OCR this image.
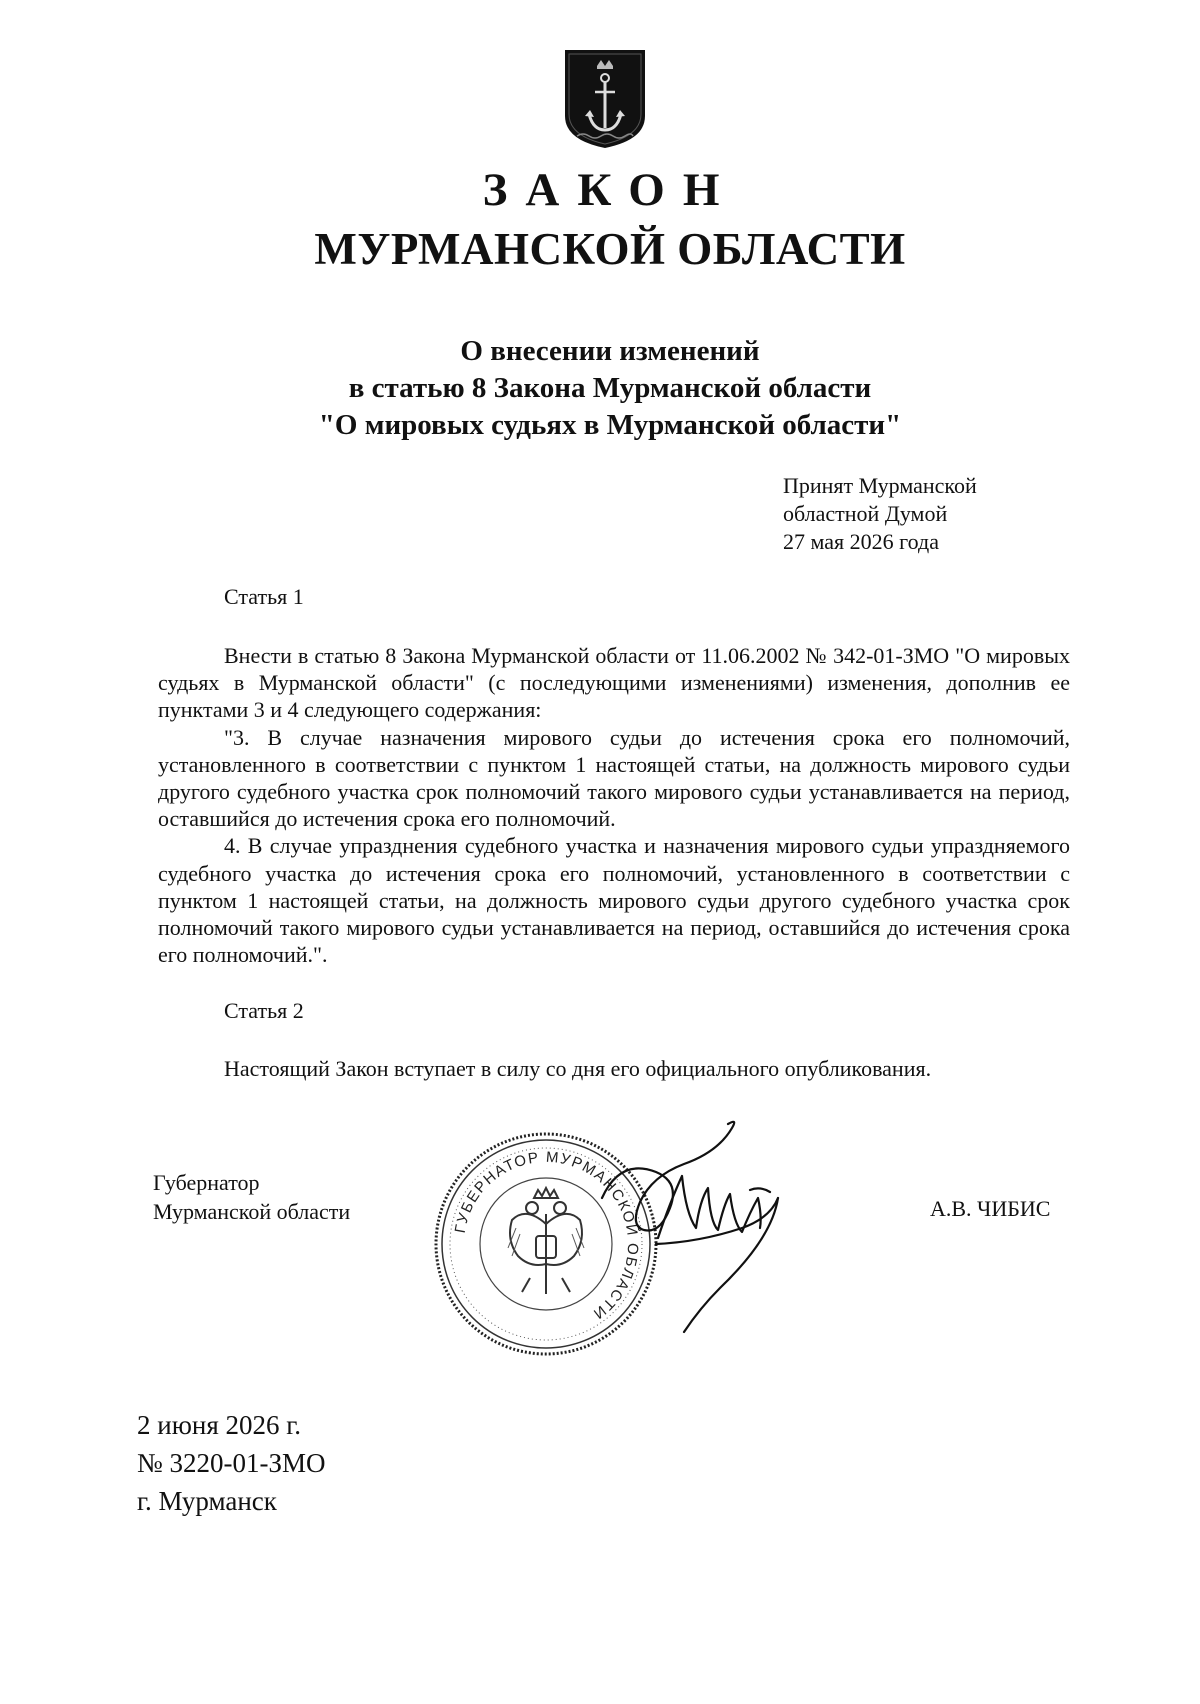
ЗАКОН
МУРМАНСКОЙ ОБЛАСТИ
О внесении изменений
в статью 8 Закона Мурманской области
"О мировых судьях в Мурманской области"
Принят Мурманской
областной Думой
27 мая 2026 года
Статья 1

Внести в статью 8 Закона Мурманской области от 11.06.2002 № 342-01-ЗМО "О мировых судьях в Мурманской области" (с последующими изменениями) изменения, дополнив ее пунктами 3 и 4 следующего содержания:

"3. В случае назначения мирового судьи до истечения срока его полномочий, установленного в соответствии с пунктом 1 настоящей статьи, на должность мирового судьи другого судебного участка срок полномочий такого мирового судьи устанавливается на период, оставшийся до истечения срока его полномочий.

4. В случае упразднения судебного участка и назначения мирового судьи упраздняемого судебного участка до истечения срока его полномочий, установленного в соответствии с пунктом 1 настоящей статьи, на должность мирового судьи другого судебного участка срок полномочий такого мирового судьи устанавливается на период, оставшийся до истечения срока его полномочий.".

Статья 2
Настоящий Закон вступает в силу со дня его официального опубликования.
Губернатор
Мурманской области
ГУБЕРНАТОР МУРМАНСКОЙ ОБЛАСТИ
А.В. ЧИБИС
2 июня 2026 г.
№ 3220-01-ЗМО
г. Мурманск
